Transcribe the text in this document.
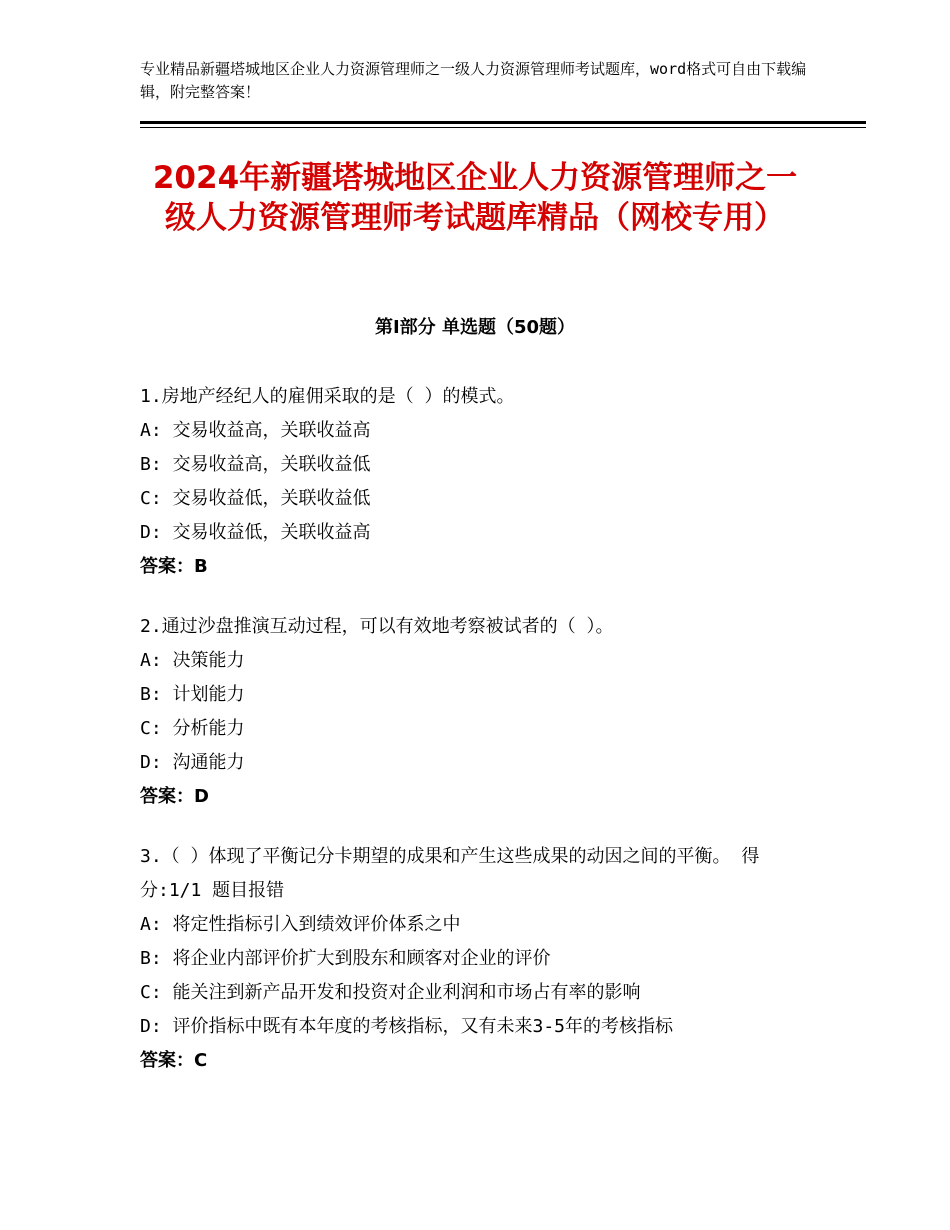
专业精品新疆塔城地区企业人力资源管理师之一级人力资源管理师考试题库，word格式可自由下载编辑，附完整答案！
2024年新疆塔城地区企业人力资源管理师之一级人力资源管理师考试题库精品（网校专用）
第Ⅰ部分 单选题（50题）
1.房地产经纪人的雇佣采取的是（ ）的模式。
A: 交易收益高，关联收益高
B: 交易收益高，关联收益低
C: 交易收益低，关联收益低
D: 交易收益低，关联收益高
答案：B
2.通过沙盘推演互动过程，可以有效地考察被试者的（ ）。
A: 决策能力
B: 计划能力
C: 分析能力
D: 沟通能力
答案：D
3.（ ）体现了平衡记分卡期望的成果和产生这些成果的动因之间的平衡。 得分:1/1 题目报错
A: 将定性指标引入到绩效评价体系之中
B: 将企业内部评价扩大到股东和顾客对企业的评价
C: 能关注到新产品开发和投资对企业利润和市场占有率的影响
D: 评价指标中既有本年度的考核指标，又有未来3-5年的考核指标
答案：C
